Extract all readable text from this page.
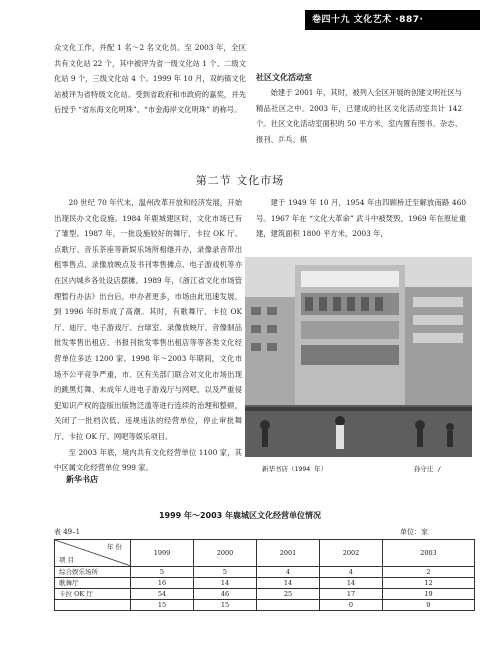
卷四十九 文化艺术 ·887·

众文化工作，并配 1 名～2 名文化员。至 2003 年，全区共有文化站 22 个，其中被评为省一级文化站 1 个、二级文化站 9 个，三级文化站 4 个。1999 年 10 月，双屿镇文化站被评为省特级文化站。受到省政府和市政府的嘉奖，并先后授予 “省东海文化明珠”、“市金海岸文化明珠” 的称号。

社区文化活动室

始建于 2001 年，其时，被列入全区开展的创建文明社区与精品社区之中。2003 年，已建成的社区文化活动室共计 142 个。社区文化活动室面积的 50 平方米，室内置有图书、杂志、报刊、乒乓、棋

第二节 文化市场

20 世纪 70 年代末，温州改革开放和经济发展，开始出现民办文化设施。1984 年鹿城建区时，文化市场已有了雏型。1987 年，一批设施较好的舞厅、卡拉 OK 厅、点歌厅、音乐茶座等新娱乐场所相继开办，录像录音带出租零售点、录像放映点及书刊零售摊点、电子游戏机等亦在区内城乡各处设店摆摊。1989 年，《浙江省文化市场管理暂行办法》出台后，申办者更多，市场由此迅速发展，到 1996 年时形成了高潮。其时，有歌舞厅、卡拉 OK 厅、迪厅、电子游戏厅、台球室、录像放映厅、音像制品批发零售出租店、书报刊批发零售出租店等等各类文化经营单位多达 1200 家。1998 年～2003 年期间，文化市场不公平竞争严重，市、区有关部门联合对文化市场出现的跳黑灯舞、未成年人进电子游戏厅与网吧，以及严重侵犯知识产权的盗版出版物泛滥等进行连续的治理和整顿，关闭了一批档次低、违规违法的经营单位，停止审批舞厅、卡拉 OK 厅、网吧等娱乐项目。

至 2003 年底，境内共有文化经营单位 1100 家，其中区属文化经营单位 999 家。

新华书店

建于 1949 年 10 月，1954 年由四顾桥迁至解放南路 460 号。1967 年在 “文化大革命” 武斗中被焚毁，1969 年在原址重建，建筑面积 1800 平方米，2003 年，

新华书店（1994 年）	孙守庄 /
1999 年～2003 年鹿城区文化经营单位情况
表 49–1	单位：家
年 份
项 目	1999	2000	2001	2002	2003
综合娱乐场所	5	5	4	4	2
歌舞厅	16	14	14	14	12
卡拉 OK 厅	54	46	25	17	19
	15	15		0	0
